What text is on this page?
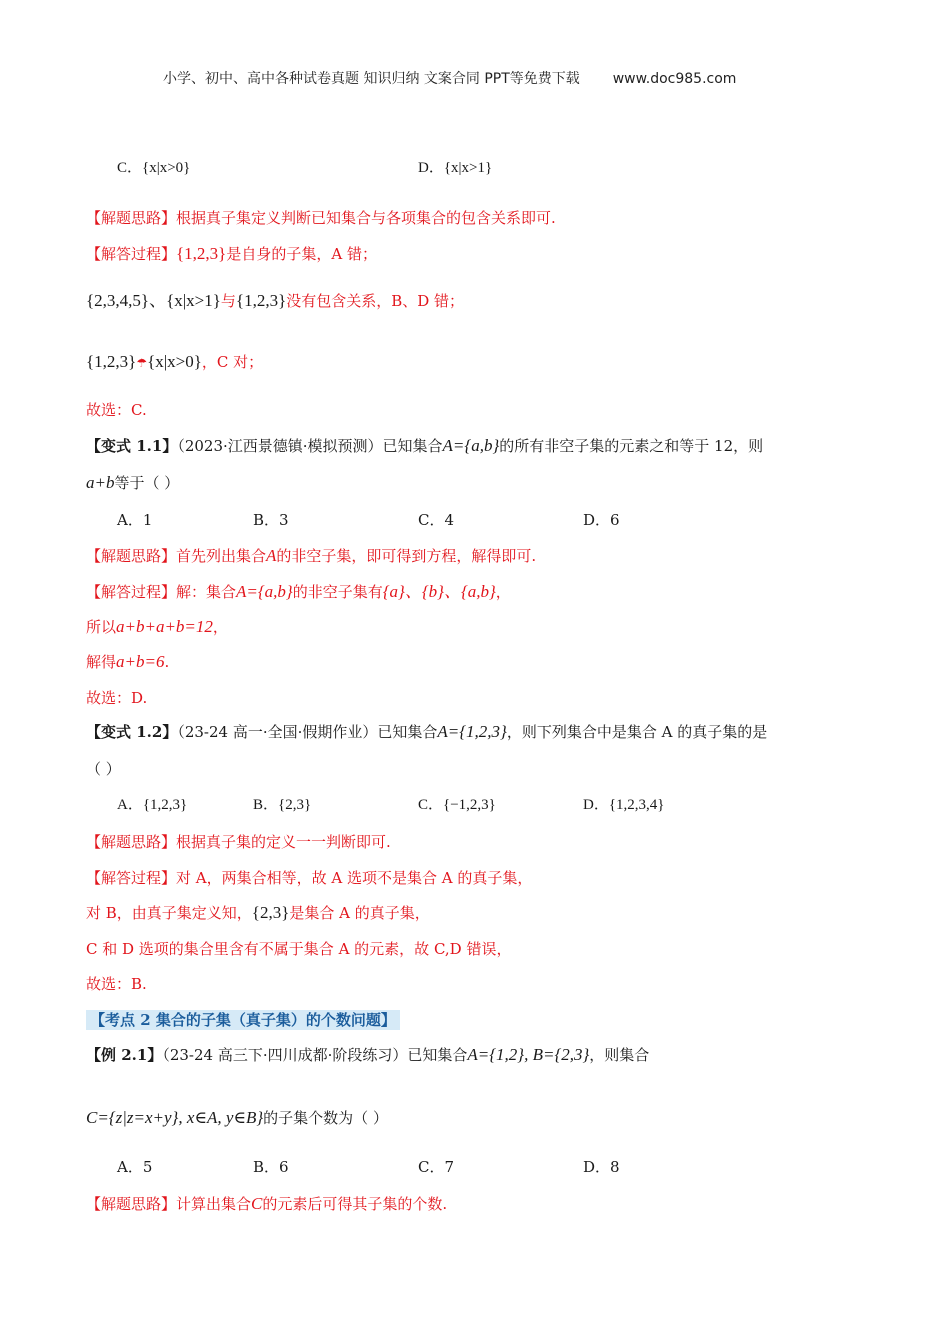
小学、初中、高中各种试卷真题 知识归纳 文案合同 PPT等免费下载 www.doc985.com
C．{x|x>0}	D．{x|x>1}
【解题思路】根据真子集定义判断已知集合与各项集合的包含关系即可.
【解答过程】{1,2,3}是自身的子集，A 错；
{2,3,4,5}、{x|x>1}与{1,2,3}没有包含关系，B、D 错；
{1,2,3}☂{x|x>0}，C 对；
故选：C.
【变式 1.1】（2023·江西景德镇·模拟预测）已知集合A={a,b}的所有非空子集的元素之和等于 12，则
a+b等于（ ）
A．1	B．3	C．4	D．6
【解题思路】首先列出集合A的非空子集，即可得到方程，解得即可.
【解答过程】解：集合A={a,b}的非空子集有{a}、{b}、{a,b}，
所以a+b+a+b=12，
解得a+b=6.
故选：D.
【变式 1.2】（23-24 高一·全国·假期作业）已知集合A={1,2,3}，则下列集合中是集合 A 的真子集的是
（ ）
A．{1,2,3}	B．{2,3}	C．{−1,2,3}	D．{1,2,3,4}
【解题思路】根据真子集的定义一一判断即可.
【解答过程】对 A，两集合相等，故 A 选项不是集合 A 的真子集，
对 B，由真子集定义知，{2,3}是集合 A 的真子集，
C 和 D 选项的集合里含有不属于集合 A 的元素，故 C,D 错误，
故选：B.
【考点 2 集合的子集（真子集）的个数问题】
【例 2.1】（23-24 高三下·四川成都·阶段练习）已知集合A={1,2}, B={2,3}，则集合
C={z|z=x+y}, x∈A, y∈B}的子集个数为（ ）
A．5	B．6	C．7	D．8
【解题思路】计算出集合C的元素后可得其子集的个数.
